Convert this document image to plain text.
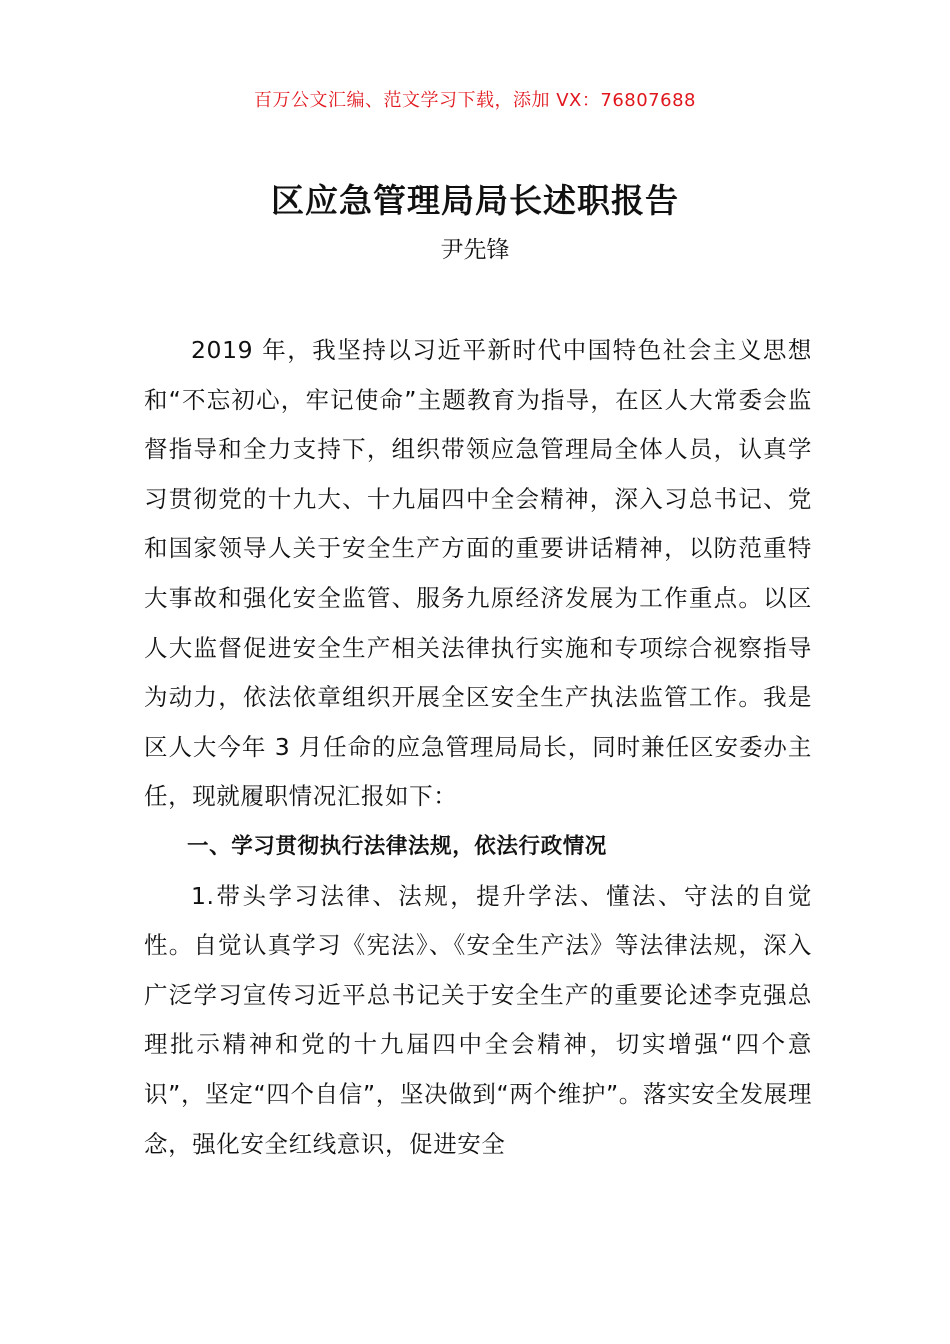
百万公文汇编、范文学习下载，添加 VX：76807688
区应急管理局局长述职报告
尹先锋

2019 年，我坚持以习近平新时代中国特色社会主义思想和“不忘初心，牢记使命”主题教育为指导，在区人大常委会监督指导和全力支持下，组织带领应急管理局全体人员，认真学习贯彻党的十九大、十九届四中全会精神，深入习总书记、党和国家领导人关于安全生产方面的重要讲话精神，以防范重特大事故和强化安全监管、服务九原经济发展为工作重点。以区人大监督促进安全生产相关法律执行实施和专项综合视察指导为动力，依法依章组织开展全区安全生产执法监管工作。我是区人大今年 3 月任命的应急管理局局长，同时兼任区安委办主任，现就履职情况汇报如下：

一、学习贯彻执行法律法规，依法行政情况

1.带头学习法律、法规，提升学法、懂法、守法的自觉性。自觉认真学习《宪法》、《安全生产法》等法律法规，深入广泛学习宣传习近平总书记关于安全生产的重要论述李克强总理批示精神和党的十九届四中全会精神，切实增强“四个意识”，坚定“四个自信”，坚决做到“两个维护”。落实安全发展理念，强化安全红线意识，促进安全
